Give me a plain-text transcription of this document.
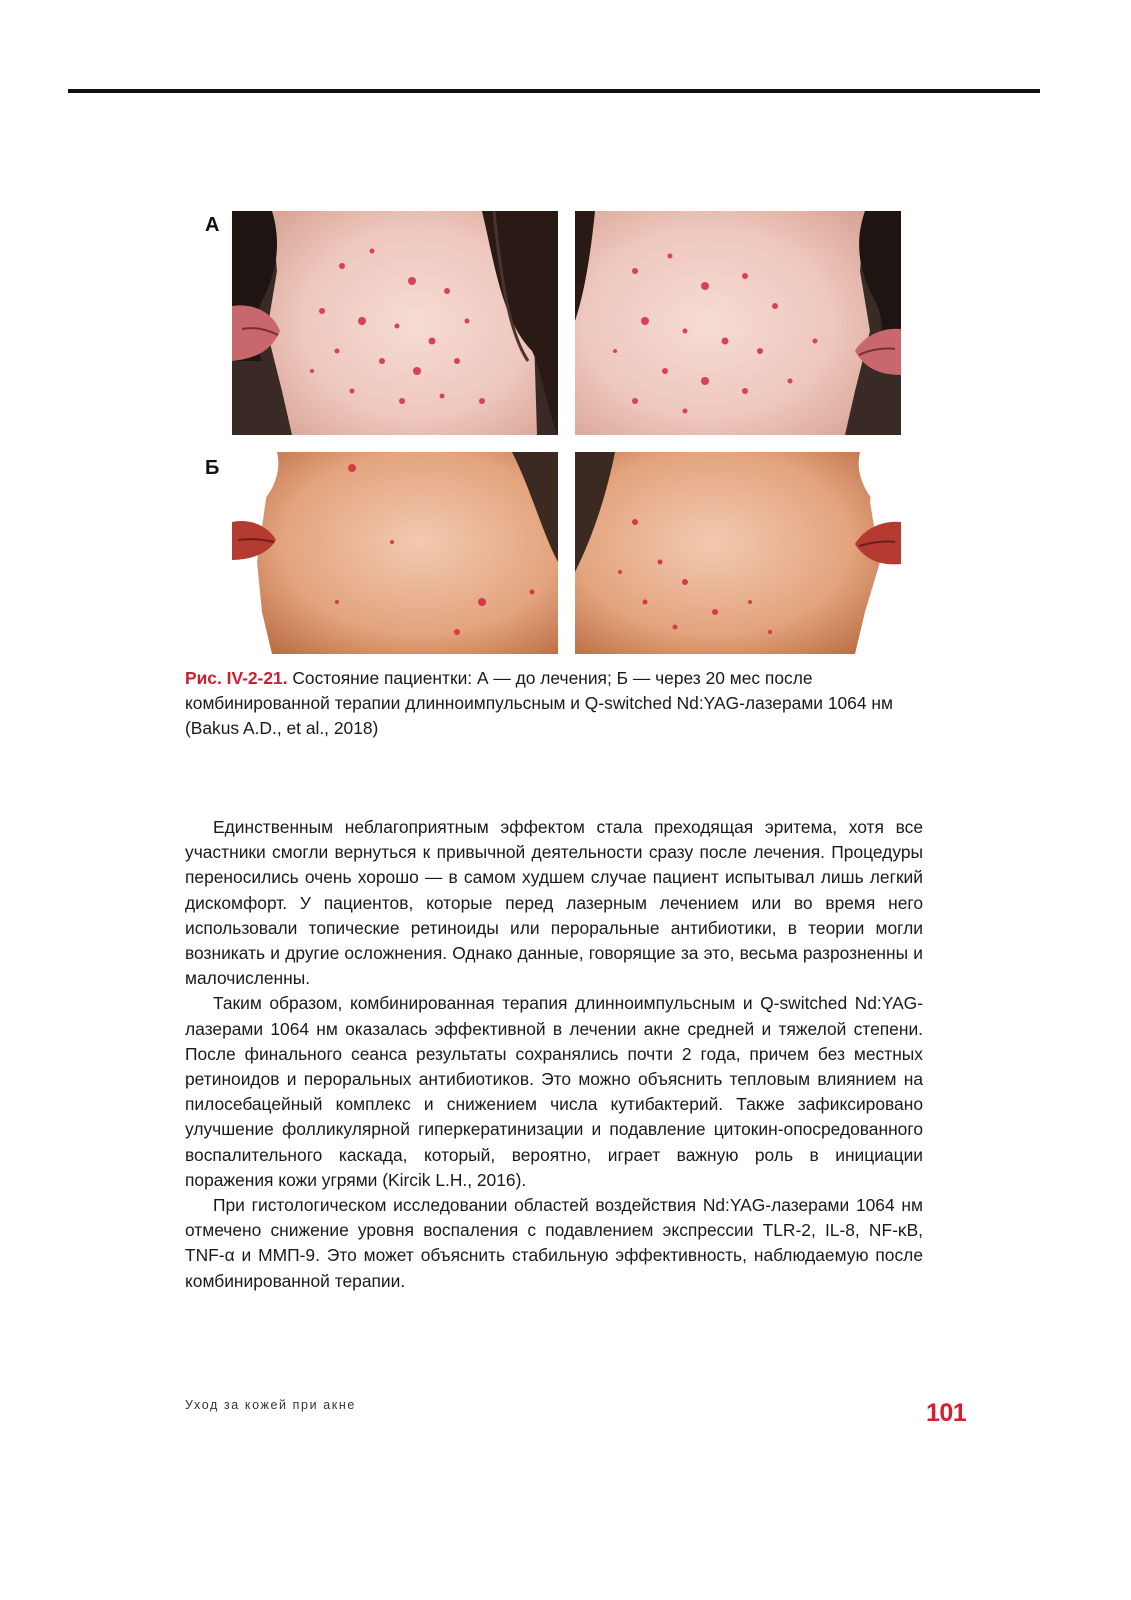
А
Б
Рис. IV-2-21. Состояние пациентки: А — до лечения; Б — через 20 мес после комбинированной терапии длинноимпульсным и Q-switched Nd:YAG-лазерами 1064 нм (Bakus A.D., et al., 2018)

Единственным неблагоприятным эффектом стала преходящая эритема, хотя все участники смогли вернуться к привычной деятельности сразу после лечения. Процедуры переносились очень хорошо — в самом худшем случае пациент испытывал лишь легкий дискомфорт. У пациентов, которые перед лазерным лечением или во время него использовали топические ретиноиды или пероральные антибиотики, в теории могли возникать и другие осложнения. Однако данные, говорящие за это, весьма разрозненны и малочисленны.

Таким образом, комбинированная терапия длинноимпульсным и Q-switched Nd:YAG-лазерами 1064 нм оказалась эффективной в лечении акне средней и тяжелой степени. После финального сеанса результаты сохранялись почти 2 года, причем без местных ретиноидов и пероральных антибиотиков. Это можно объяснить тепловым влиянием на пилосебацейный комплекс и снижением числа кутибактерий. Также зафиксировано улучшение фолликулярной гиперкератинизации и подавление цитокин-опосредованного воспалительного каскада, который, вероятно, играет важную роль в инициации поражения кожи угрями (Kircik L.H., 2016).

При гистологическом исследовании областей воздействия Nd:YAG-лазерами 1064 нм отмечено снижение уровня воспаления с подавлением экспрессии TLR-2, IL-8, NF-κB, TNF-α и ММП-9. Это может объяснить стабильную эффективность, наблюдаемую после комбинированной терапии.

Уход за кожей при акне	101
